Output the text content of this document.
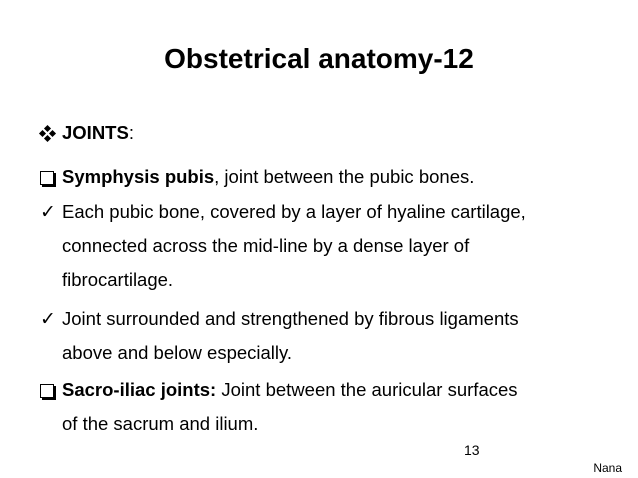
Obstetrical anatomy-12
JOINTS:
Symphysis pubis, joint between the pubic bones.
✓ Each pubic bone, covered by a layer of hyaline cartilage,
connected across the mid-line by a dense layer of
fibrocartilage.
✓ Joint surrounded and strengthened by fibrous ligaments
above and below especially.
Sacro-iliac joints: Joint between the auricular surfaces
of the sacrum and ilium.
13
Nana
